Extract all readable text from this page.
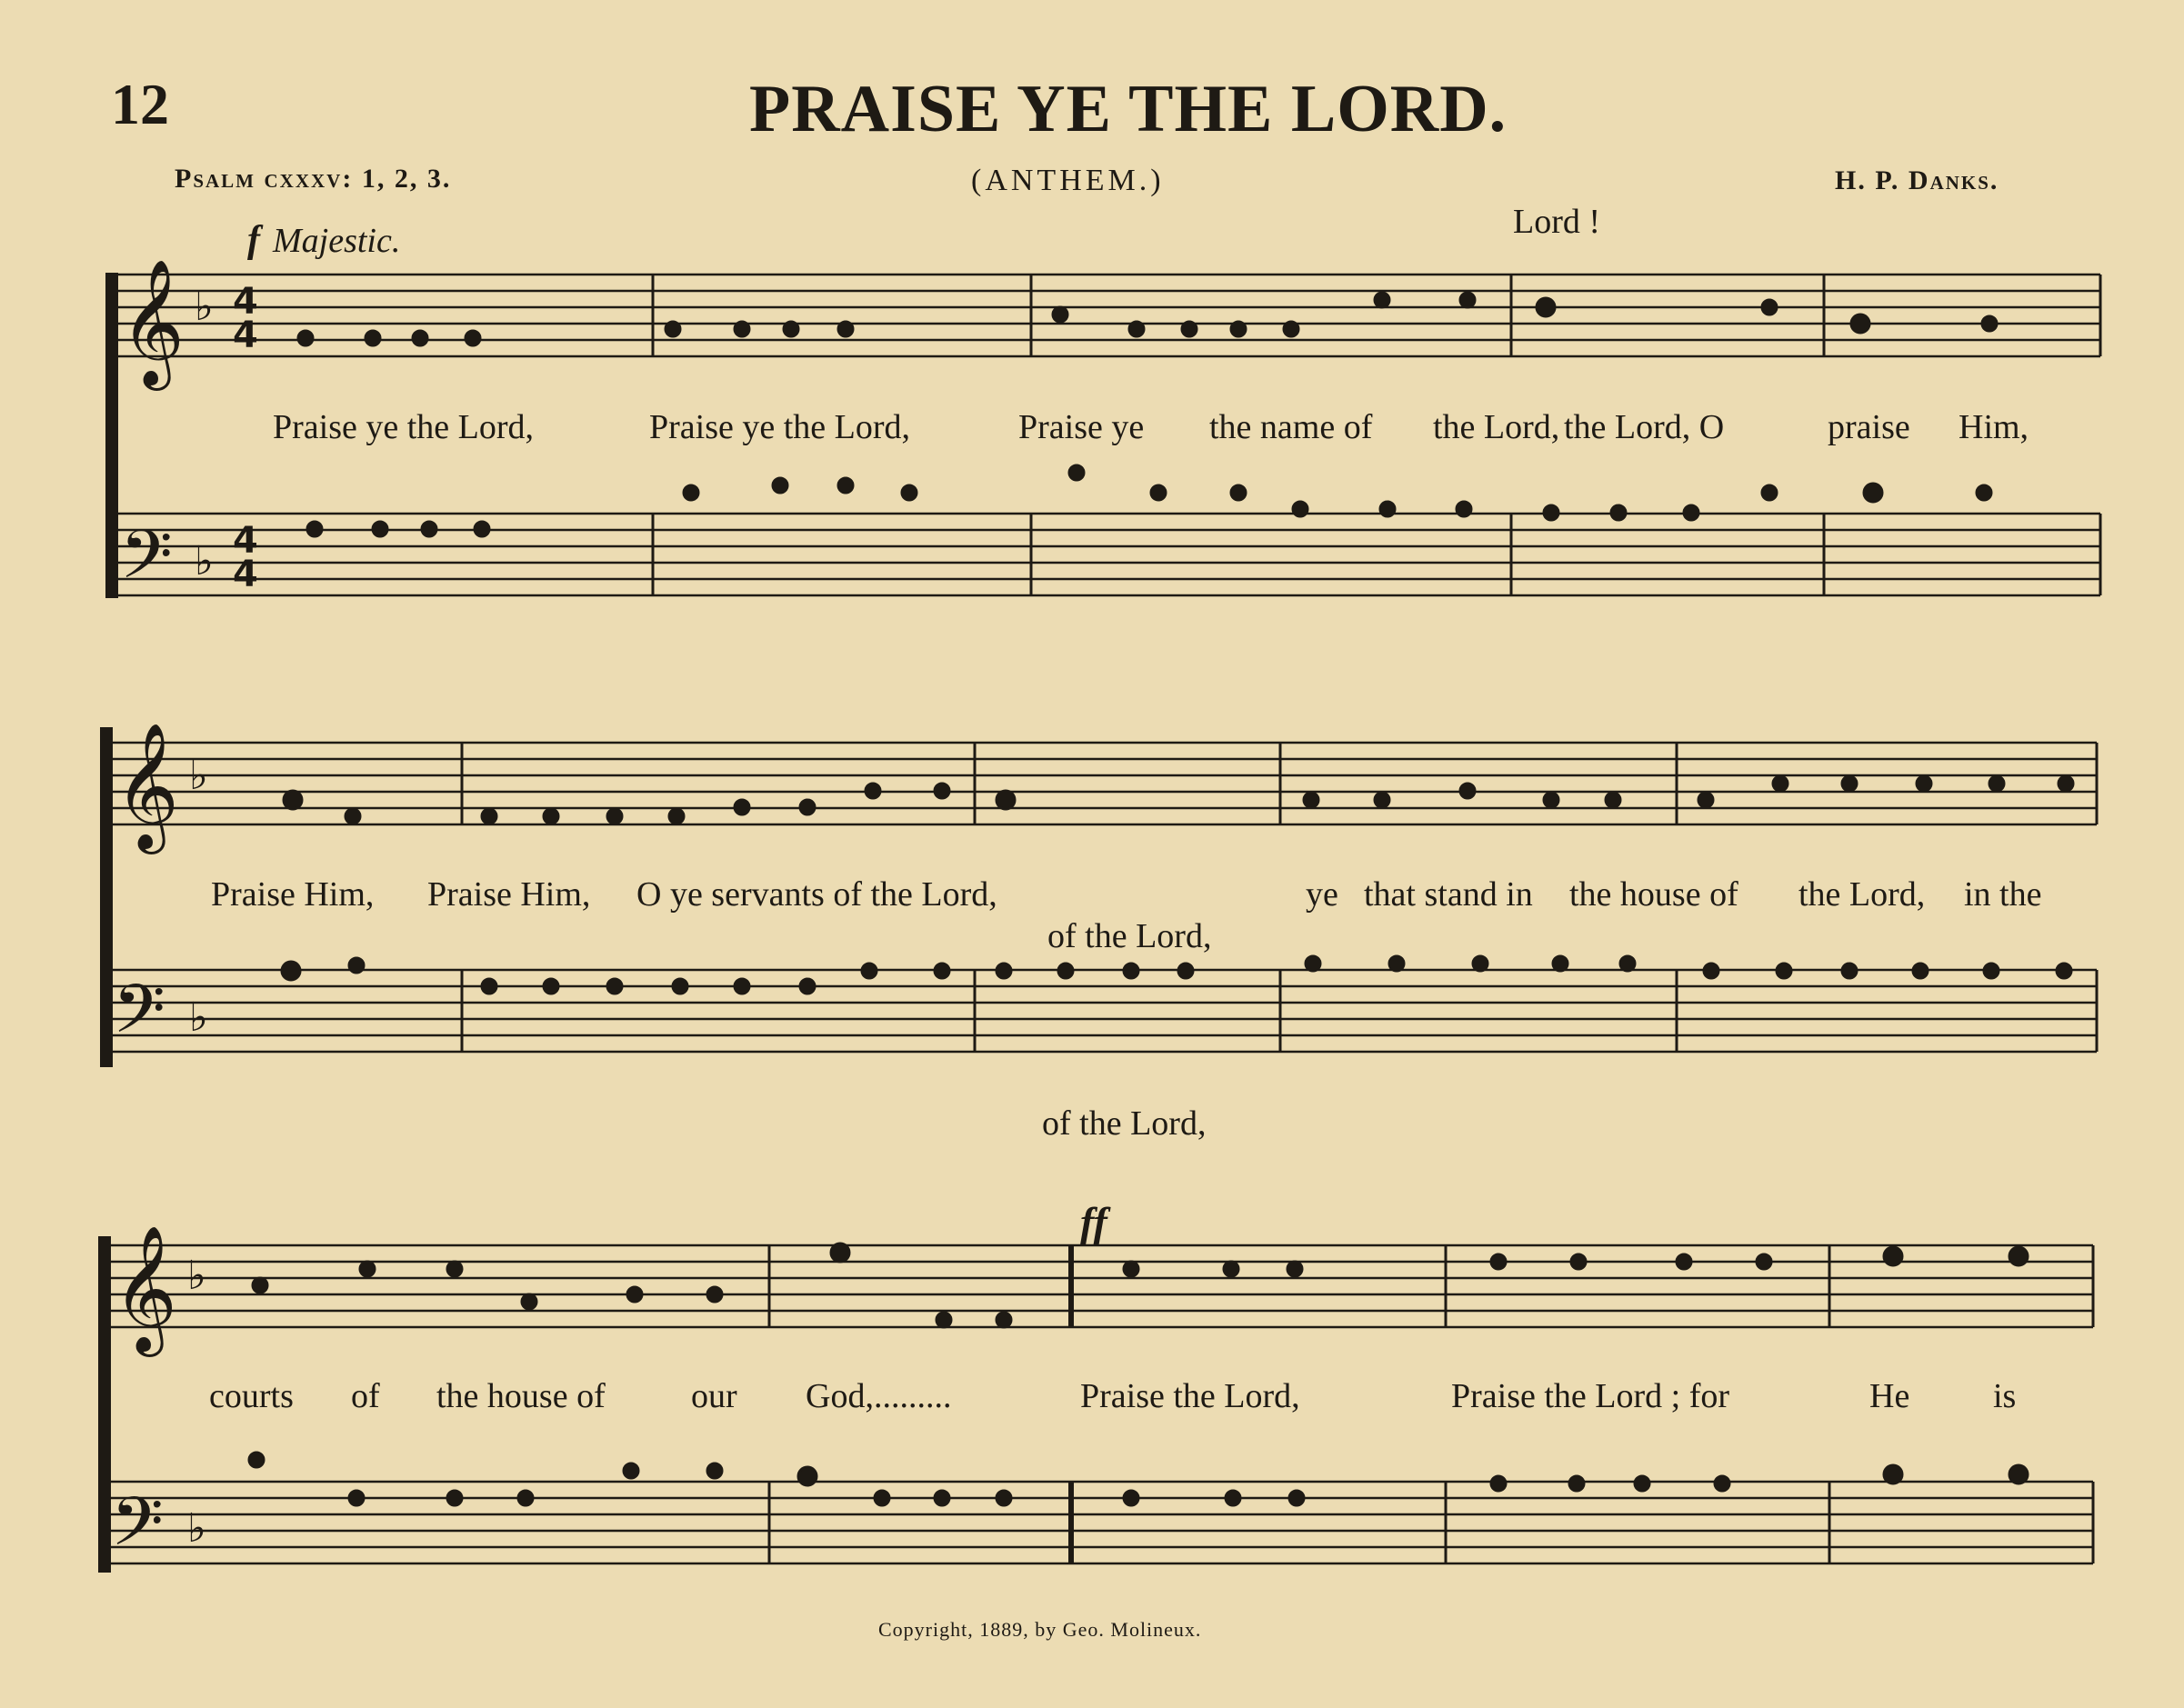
12	PRAISE YE THE LORD.
Psalm cxxxv: 1, 2, 3.	(ANTHEM.)	H. P. Danks.
f Majestic.
𝄞
𝄢
♭
♭
4
4
4
4
𝄞
𝄢
♭
♭
𝄞
𝄢
♭
♭
Lord !
Praise ye the Lord,	Praise ye the Lord,	Praise ye the name of the Lord, the Lord, O	praise Him,
Praise Him, Praise Him, O ye servants of the Lord,	ye that stand in the house of the Lord, in the
of the Lord,
of the Lord,
ff
courts of the house of our God,.........	Praise the Lord,	Praise the Lord ; for	He is
Copyright, 1889, by Geo. Molineux.
